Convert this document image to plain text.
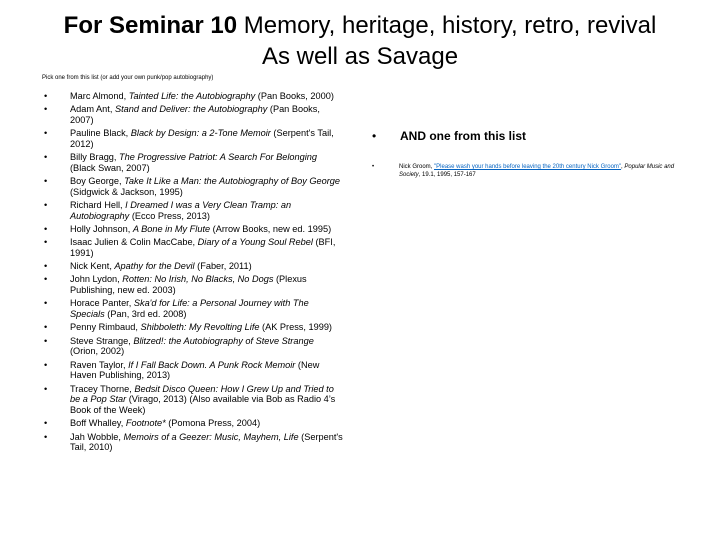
For Seminar 10 Memory, heritage, history, retro, revival
As well as Savage
Pick one from this list (or add your own punk/pop autobiography)
• Marc Almond, Tainted Life: the Autobiography (Pan Books, 2000)
• Adam Ant, Stand and Deliver: the Autobiography (Pan Books, 2007)
• Pauline Black, Black by Design: a 2-Tone Memoir (Serpent's Tail, 2012)
• Billy Bragg, The Progressive Patriot: A Search For Belonging (Black Swan, 2007)
• Boy George, Take It Like a Man: the Autobiography of Boy George (Sidgwick & Jackson, 1995)
• Richard Hell, I Dreamed I was a Very Clean Tramp: an Autobiography (Ecco Press, 2013)
• Holly Johnson, A Bone in My Flute (Arrow Books, new ed. 1995)
• Isaac Julien & Colin MacCabe, Diary of a Young Soul Rebel (BFI, 1991)
• Nick Kent, Apathy for the Devil (Faber, 2011)
• John Lydon, Rotten: No Irish, No Blacks, No Dogs (Plexus Publishing, new ed. 2003)
• Horace Panter, Ska'd for Life: a Personal Journey with The Specials (Pan, 3rd ed. 2008)
• Penny Rimbaud, Shibboleth: My Revolting Life (AK Press, 1999)
• Steve Strange, Blitzed!: the Autobiography of Steve Strange (Orion, 2002)
• Raven Taylor, If I Fall Back Down. A Punk Rock Memoir (New Haven Publishing, 2013)
• Tracey Thorne, Bedsit Disco Queen: How I Grew Up and Tried to be a Pop Star (Virago, 2013) (Also available via Bob as Radio 4’s Book of the Week)
• Boff Whalley, Footnote* (Pomona Press, 2004)
• Jah Wobble, Memoirs of a Geezer: Music, Mayhem, Life (Serpent's Tail, 2010)
• AND one from this list
•	Nick Groom, "Please wash your hands before leaving the 20th century Nick Groom", Popular Music and Society, 19.1, 1995, 157-167
